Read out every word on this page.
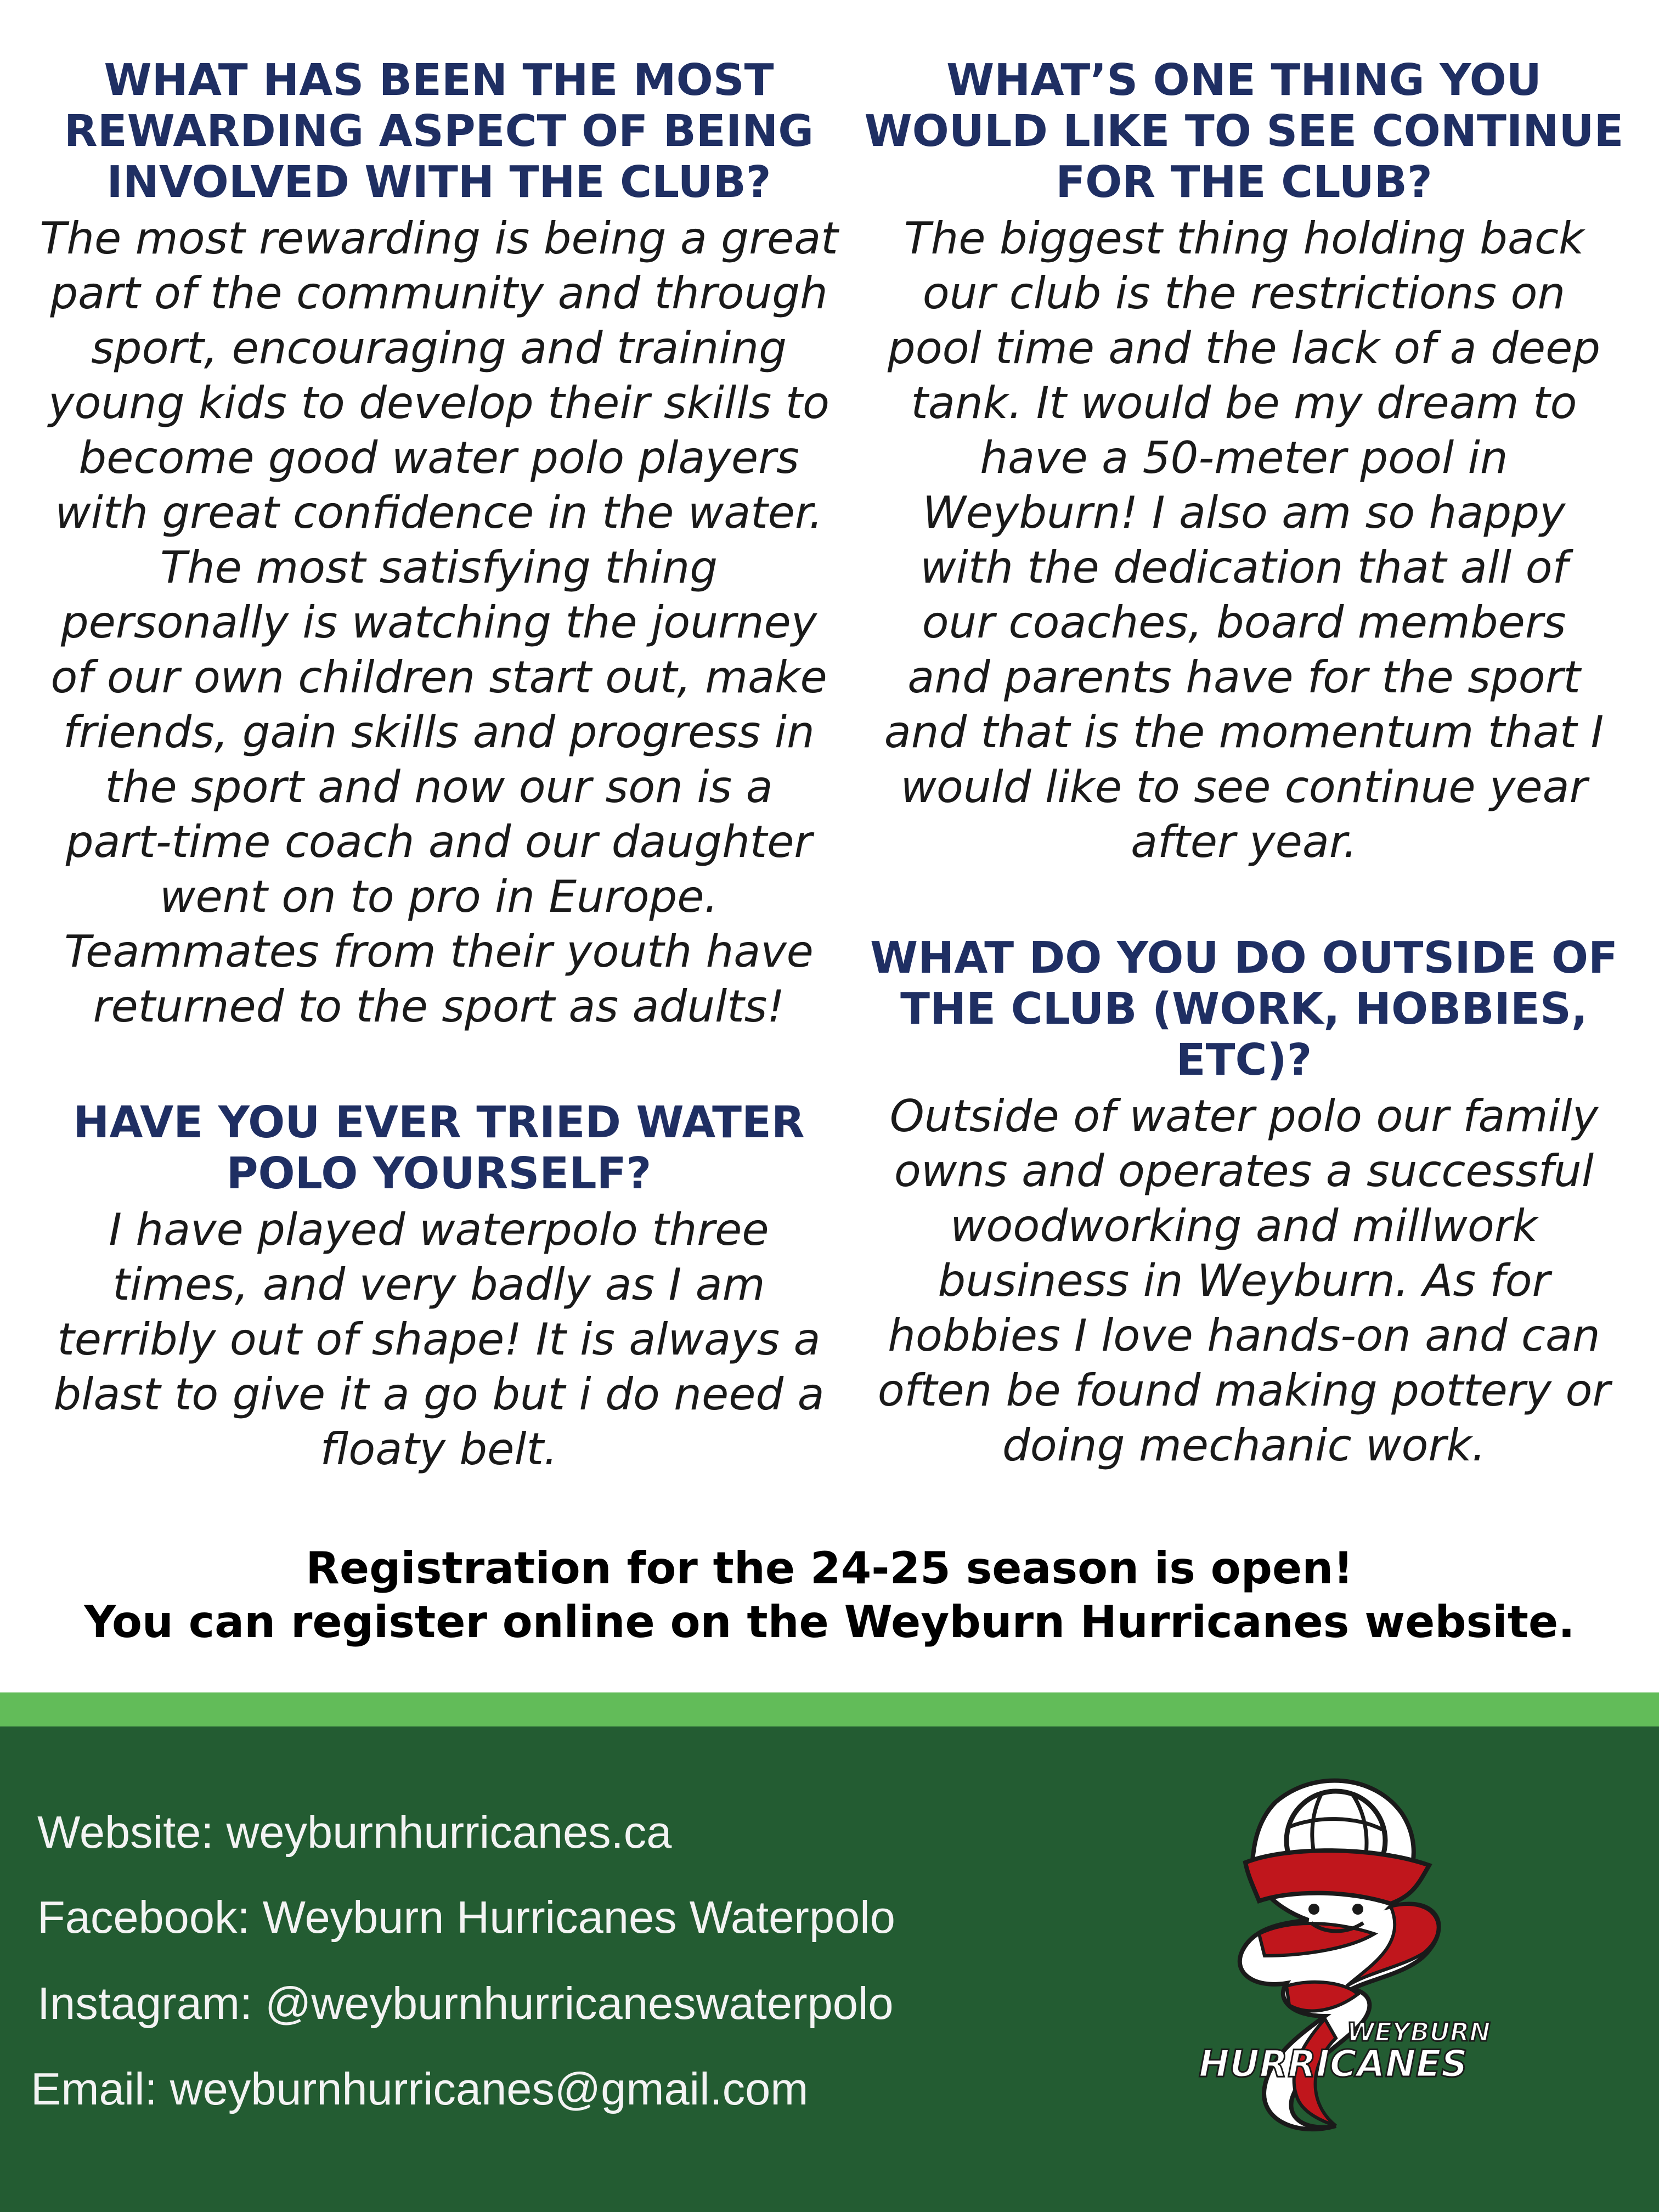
WHAT HAS BEEN THE MOST

REWARDING ASPECT OF BEING

INVOLVED WITH THE CLUB?

The most rewarding is being a great

part of the community and through

sport, encouraging and training

young kids to develop their skills to

become good water polo players

with great confidence in the water.

The most satisfying thing

personally is watching the journey

of our own children start out, make

friends, gain skills and progress in

the sport and now our son is a

part-time coach and our daughter

went on to pro in Europe.

Teammates from their youth have

returned to the sport as adults!

HAVE YOU EVER TRIED WATER

POLO YOURSELF?

I have played waterpolo three

times, and very badly as I am

terribly out of shape! It is always a

blast to give it a go but i do need a

floaty belt.

WHAT’S ONE THING YOU

WOULD LIKE TO SEE CONTINUE

FOR THE CLUB?

The biggest thing holding back

our club is the restrictions on

pool time and the lack of a deep

tank. It would be my dream to

have a 50-meter pool in

Weyburn! I also am so happy

with the dedication that all of

our coaches, board members

and parents have for the sport

and that is the momentum that I

would like to see continue year

after year.

WHAT DO YOU DO OUTSIDE OF

THE CLUB (WORK, HOBBIES,

ETC)?

Outside of water polo our family

owns and operates a successful

woodworking and millwork

business in Weyburn. As for

hobbies I love hands-on and can

often be found making pottery or

doing mechanic work.

Registration for the 24-25 season is open!
You can register online on the Weyburn Hurricanes website.
Website: weyburnhurricanes.ca
Facebook: Weyburn Hurricanes Waterpolo
Instagram: @weyburnhurricaneswaterpolo
Email: weyburnhurricanes@gmail.com
WEYBURN
HURRICANES
